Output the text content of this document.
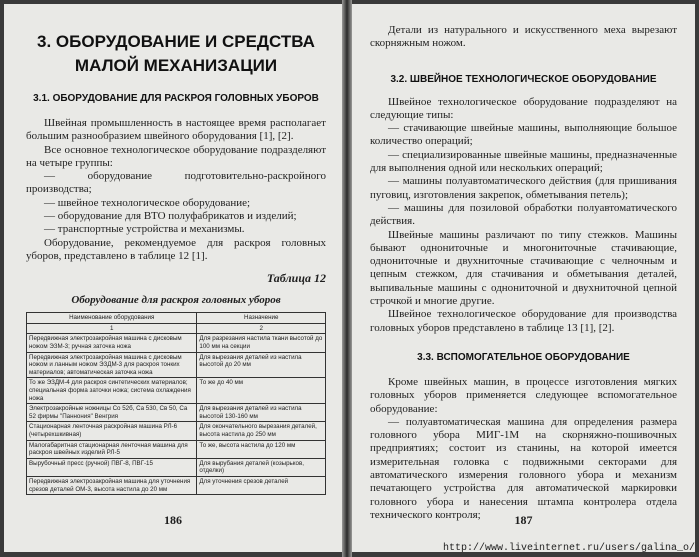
3. ОБОРУДОВАНИЕ И СРЕДСТВА
МАЛОЙ МЕХАНИЗАЦИИ
3.1. ОБОРУДОВАНИЕ ДЛЯ РАСКРОЯ ГОЛОВНЫХ УБОРОВ

Швейная промышленность в настоящее время располагает большим разнообразием швейного оборудования [1], [2].

Все основное технологическое оборудование подразделяют на четыре группы:

— оборудование подготовительно-раскройного производства;

— швейное технологическое оборудование;

— оборудование для ВТО полуфабрикатов и изделий;

— транспортные устройства и механизмы.

Оборудование, рекомендуемое для раскроя головных уборов, представлено в таблице 12 [1].

Таблица 12
Оборудование для раскроя головных уборов
Наименование оборудования	Назначение
1	2
Передвижная электрозакройная машина с дисковым ножом ЭЗМ-3; ручная заточка ножа	Для разрезания настила ткани высотой до 100 мм на секции
Передвижная электрозакройная машина с дисковым ножом и ланным ножом ЭЗДМ-3 для раскроя тонких материалов; автоматическая заточка ножа	Для вырезания деталей из настила высотой до 20 мм
То же ЭЗДМ-4 для раскроя синтетических материалов; специальная форма заточки ножа; система охлаждения ножа	То же до 40 мм
Электрозакройные ножницы Со 52б, Са 530, Св 50, Са 52 фирмы "Паннония" Венгрия	Для вырезания деталей из настила высотой 130-160 мм
Стационарная ленточная раскройная машина РЛ-6 (четырехшкивная)	Для окончательного вырезания деталей, высота настила до 250 мм
Малогабаритная стационарная ленточная машина для раскроя швейных изделий РЛ-5	То же, высота настила до 120 мм
Вырубочный пресс (ручной) ПВГ-8, ПВГ-15	Для вырубания деталей (козырьков, отделки)
Передвижная электрозакройная машина для уточнения срезов деталей ОМ-3, высота настила до 20 мм	Для уточнения срезов деталей
186

Детали из натурального и искусственного меха вырезают скорняжным ножом.

3.2. ШВЕЙНОЕ ТЕХНОЛОГИЧЕСКОЕ ОБОРУДОВАНИЕ

Швейное технологическое оборудование подразделяют на следующие типы:

— стачивающие швейные машины, выполняющие большое количество операций;

— специализированные швейные машины, предназначенные для выполнения одной или нескольких операций;

— машины полуавтоматического действия (для пришивания пуговиц, изготовления закрепок, обметывания петель);

— машины для позиловой обработки полуавтоматического действия.

Швейные машины различают по типу стежков. Машины бывают однониточные и многониточные стачивающие, однониточные и двухниточные стачивающие с челночным и цепным стежком, для стачивания и обметывания деталей, выпивальные машины с однониточной и двухниточной цепной строчкой и многие другие.

Швейное технологическое оборудование для производства головных уборов представлено в таблице 13 [1], [2].

3.3. ВСПОМОГАТЕЛЬНОЕ ОБОРУДОВАНИЕ

Кроме швейных машин, в процессе изготовления мягких головных уборов применяется следующее вспомогательное оборудование:

— полуавтоматическая машина для определения размера головного убора МИГ-1М на скорняжно-пошивочных предприятиях; состоит из станины, на которой имеется измерительная головка с подвижными секторами для автоматического измерения головного убора и механизм печатающего устройства для автоматической маркировки головного убора и нанесения штампа контролера отдела технического контроля;	187
http://www.liveinternet.ru/users/galina_o/
